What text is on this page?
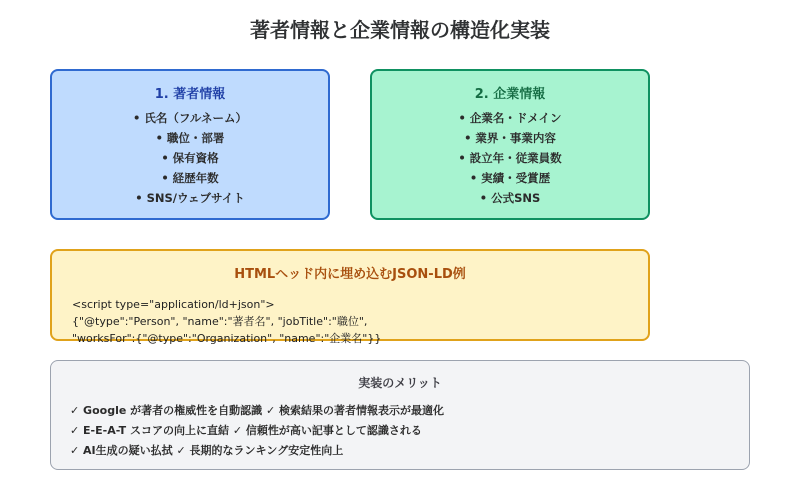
著者情報と企業情報の構造化実装
1. 著者情報
• 氏名（フルネーム）
• 職位・部署
• 保有資格
• 経歴年数
• SNS/ウェブサイト
2. 企業情報
• 企業名・ドメイン
• 業界・事業内容
• 設立年・従業員数
• 実績・受賞歴
• 公式SNS
HTMLヘッド内に埋め込むJSON-LD例
<script type="application/ld+json">
{"@type":"Person", "name":"著者名", "jobTitle":"職位",
"worksFor":{"@type":"Organization", "name":"企業名"}}
実装のメリット
✓ Google が著者の権威性を自動認識 ✓ 検索結果の著者情報表示が最適化
✓ E-E-A-T スコアの向上に直結 ✓ 信頼性が高い記事として認識される
✓ AI生成の疑い払拭 ✓ 長期的なランキング安定性向上
